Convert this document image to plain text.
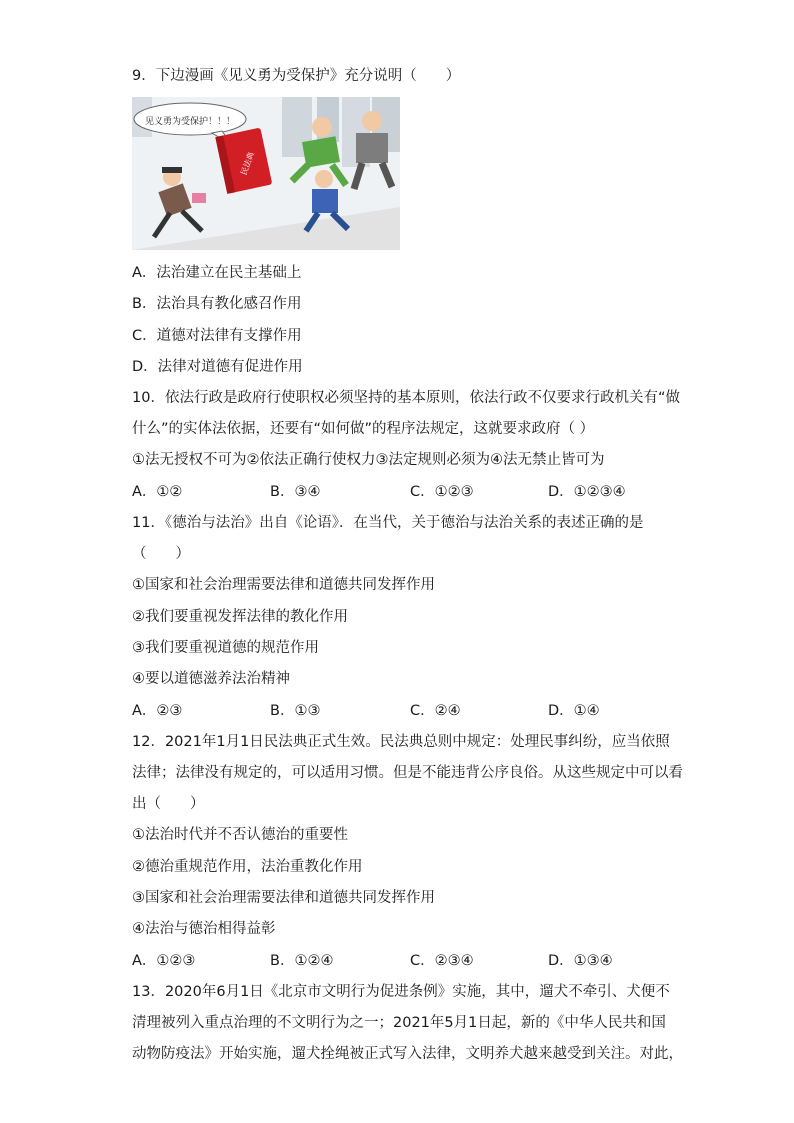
9．下边漫画《见义勇为受保护》充分说明（　　）
见义勇为受保护！！！
民法典
A．法治建立在民主基础上
B．法治具有教化感召作用
C．道德对法律有支撑作用
D．法律对道德有促进作用
10．依法行政是政府行使职权必须坚持的基本原则，依法行政不仅要求行政机关有“做
什么”的实体法依据，还要有“如何做”的程序法规定，这就要求政府（ ）
①法无授权不可为②依法正确行使权力③法定规则必须为④法无禁止皆可为
A．①②	B．③④	C．①②③	D．①②③④
11．《德治与法治》出自《论语》．在当代，关于德治与法治关系的表述正确的是
（　　）
①国家和社会治理需要法律和道德共同发挥作用
②我们要重视发挥法律的教化作用
③我们要重视道德的规范作用
④要以道德滋养法治精神
A．②③	B．①③	C．②④	D．①④
12．2021年1月1日民法典正式生效。民法典总则中规定：处理民事纠纷，应当依照
法律；法律没有规定的，可以适用习惯。但是不能违背公序良俗。从这些规定中可以看
出（　　）
①法治时代并不否认德治的重要性
②德治重规范作用，法治重教化作用
③国家和社会治理需要法律和道德共同发挥作用
④法治与德治相得益彰
A．①②③	B．①②④	C．②③④	D．①③④
13．2020年6月1日《北京市文明行为促进条例》实施，其中，遛犬不牵引、犬便不
清理被列入重点治理的不文明行为之一；2021年5月1日起，新的《中华人民共和国
动物防疫法》开始实施，遛犬拴绳被正式写入法律，文明养犬越来越受到关注。对此，
